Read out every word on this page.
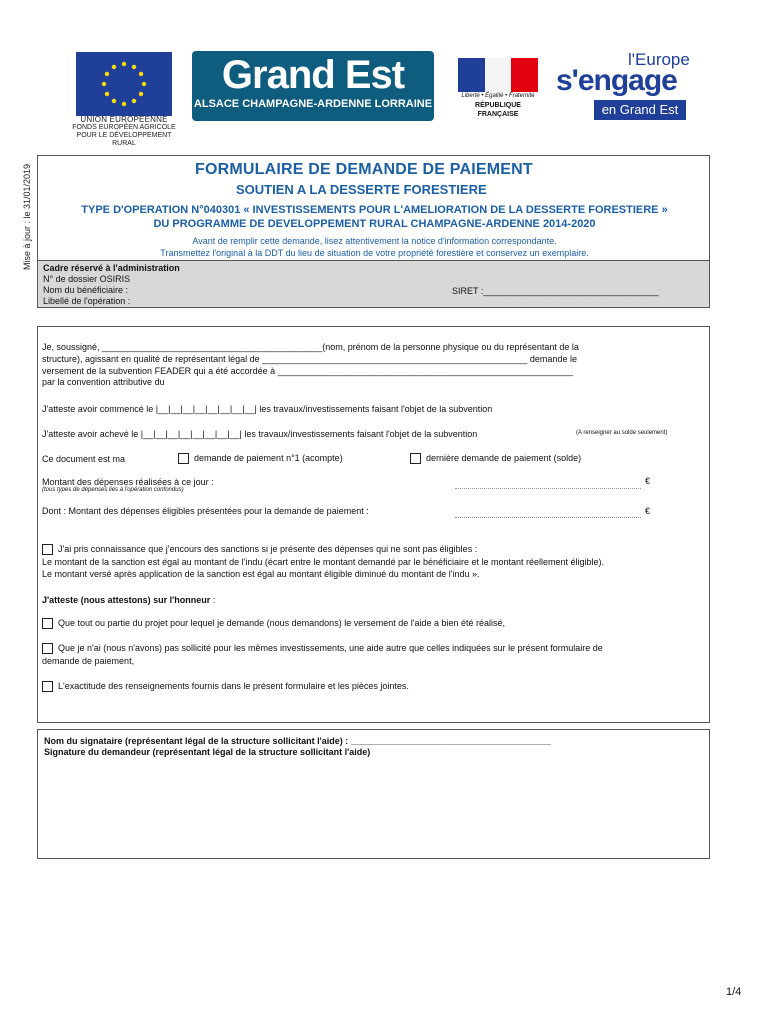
Mise à jour : le 31/01/2019
UNION EUROPÉENNE
FONDS EUROPÉEN AGRICOLE
POUR LE DÉVELOPPEMENT RURAL
Grand Est
ALSACE CHAMPAGNE-ARDENNE LORRAINE
Liberté • Égalité • Fraternité
RÉPUBLIQUE FRANÇAISE
l'Europe
s'engage
en Grand Est
FORMULAIRE DE DEMANDE DE PAIEMENT
SOUTIEN A LA DESSERTE FORESTIERE
TYPE D'OPERATION N°040301 « INVESTISSEMENTS POUR L'AMELIORATION DE LA DESSERTE FORESTIERE »
DU PROGRAMME DE DEVELOPPEMENT RURAL CHAMPAGNE-ARDENNE 2014-2020
Avant de remplir cette demande, lisez attentivement la notice d'information correspondante.
Transmettez l'original à la DDT du lieu de situation de votre propriété forestière et conservez un exemplaire.
Cadre réservé à l'administration
N° de dossier OSIRIS
Nom du bénéficiaire :
Libellé de l'opération :
SIRET :___________________________________
Je, soussigné, ____________________________________________(nom, prénom de la personne physique ou du représentant de la
structure), agissant en qualité de représentant légal de _____________________________________________________ demande le
versement de la subvention FEADER qui a été accordée à ___________________________________________________________
par la convention attributive du
J'atteste avoir commencé le |__|__|__|__|__|__|__|__| les travaux/investissements faisant l'objet de la subvention
J'atteste avoir achevé le |__|__|__|__|__|__|__|__| les travaux/investissements faisant l'objet de la subvention	(A renseigner au solde seulement)
Ce document est ma	demande de paiement n°1 (acompte)	dernière demande de paiement (solde)
Montant des dépenses réalisées à ce jour :
(tous types de dépenses liés à l'opération confondus)
€
Dont : Montant des dépenses éligibles présentées pour la demande de paiement :	€
J'ai pris connaissance que j'encours des sanctions si je présente des dépenses qui ne sont pas éligibles :
Le montant de la sanction est égal au montant de l'indu (écart entre le montant demandé par le bénéficiaire et le montant réellement éligible).
Le montant versé après application de la sanction est égal au montant éligible diminué du montant de l'indu ».
J'atteste (nous attestons) sur l'honneur :
Que tout ou partie du projet pour lequel je demande (nous demandons) le versement de l'aide a bien été réalisé,
Que je n'ai (nous n'avons) pas sollicité pour les mêmes investissements, une aide autre que celles indiquées sur le présent formulaire de
demande de paiement,
L'exactitude des renseignements fournis dans le présent formulaire et les pièces jointes.
Nom du signataire (représentant légal de la structure sollicitant l'aide) : ________________________________________
Signature du demandeur (représentant légal de la structure sollicitant l'aide)
1/4
